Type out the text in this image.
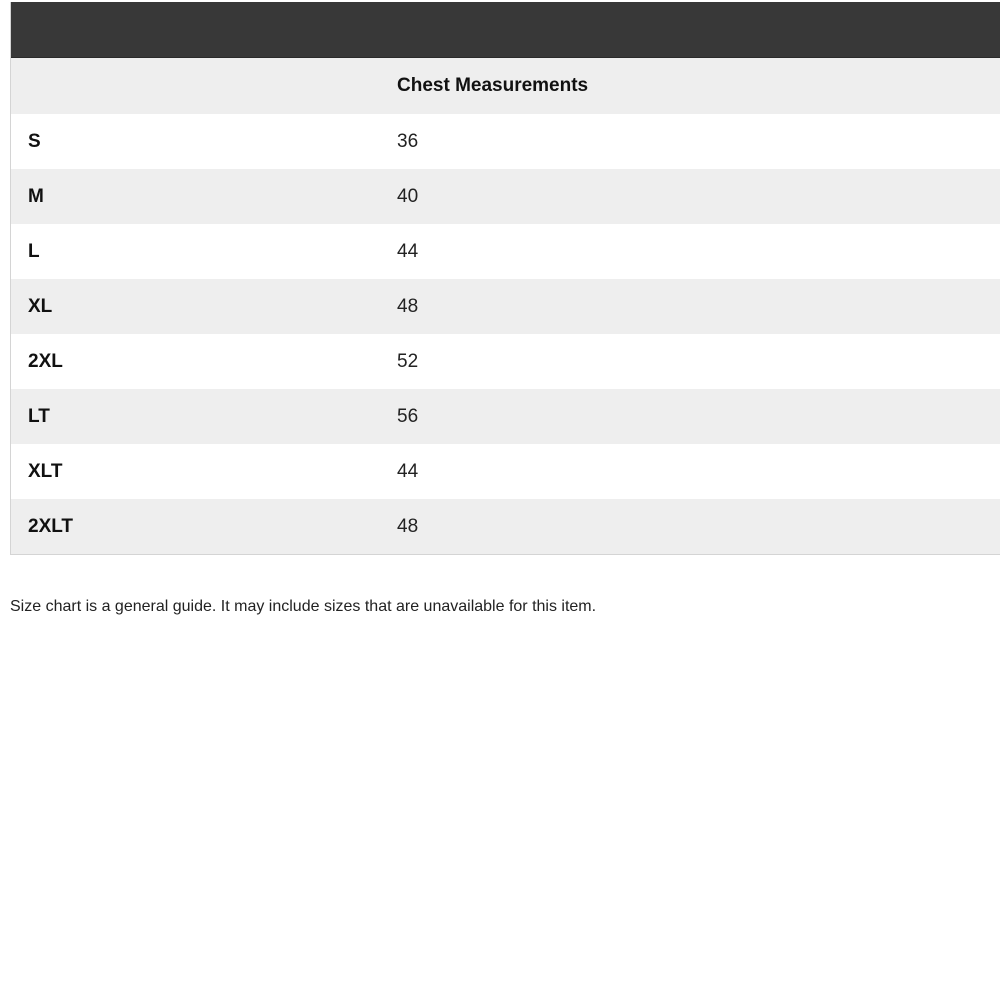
	Chest Measurements
S	36
M	40
L	44
XL	48
2XL	52
LT	56
XLT	44
2XLT	48
Size chart is a general guide. It may include sizes that are unavailable for this item.
